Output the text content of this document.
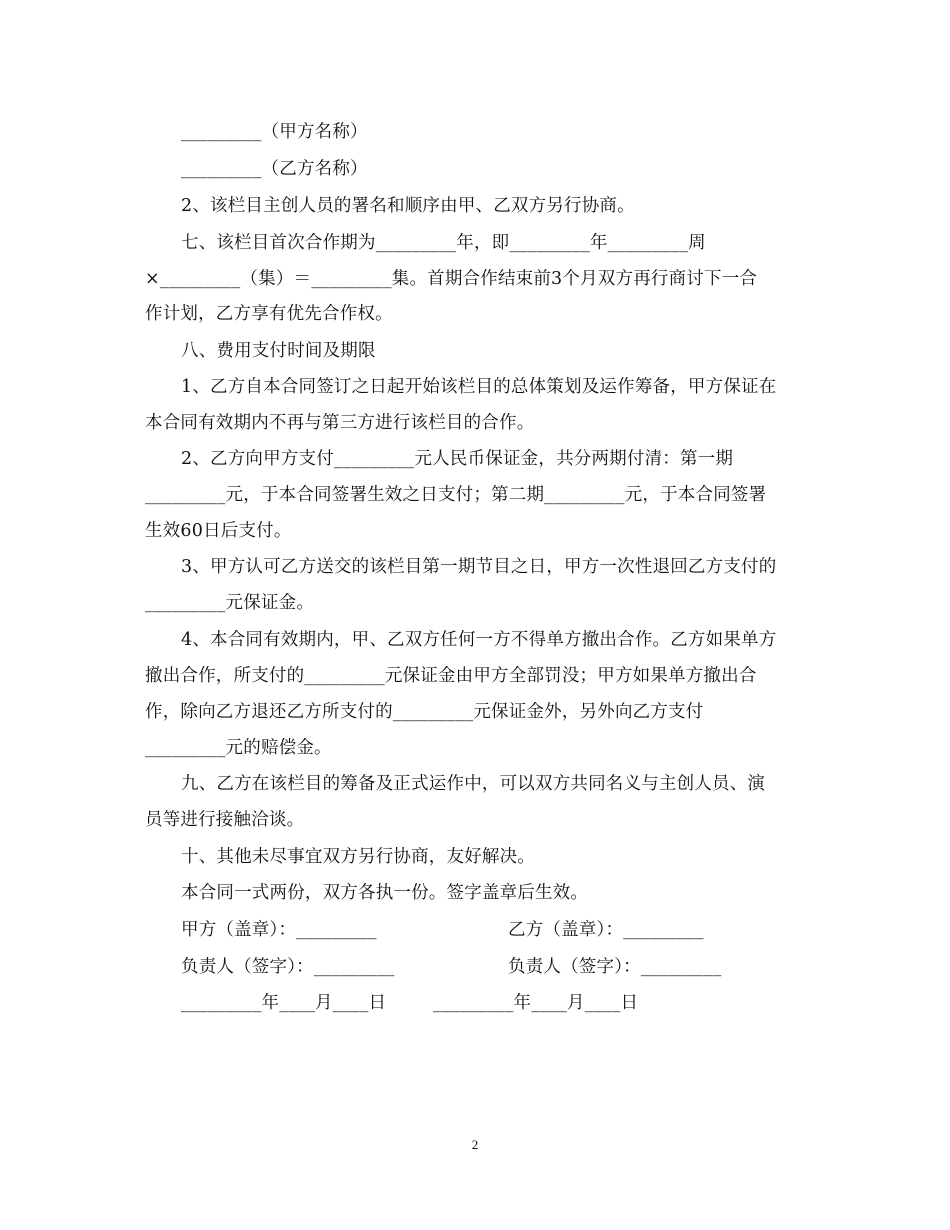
_________（甲方名称）
_________（乙方名称）
2、该栏目主创人员的署名和顺序由甲、乙双方另行协商。
七、该栏目首次合作期为_________年，即_________年_________周
×_________（集）＝_________集。首期合作结束前3个月双方再行商讨下一合
作计划，乙方享有优先合作权。
八、费用支付时间及期限
1、乙方自本合同签订之日起开始该栏目的总体策划及运作筹备，甲方保证在
本合同有效期内不再与第三方进行该栏目的合作。
2、乙方向甲方支付_________元人民币保证金，共分两期付清：第一期
_________元，于本合同签署生效之日支付；第二期_________元，于本合同签署
生效60日后支付。
3、甲方认可乙方送交的该栏目第一期节目之日，甲方一次性退回乙方支付的
_________元保证金。
4、本合同有效期内，甲、乙双方任何一方不得单方撤出合作。乙方如果单方
撤出合作，所支付的_________元保证金由甲方全部罚没；甲方如果单方撤出合
作，除向乙方退还乙方所支付的_________元保证金外，另外向乙方支付
_________元的赔偿金。
九、乙方在该栏目的筹备及正式运作中，可以双方共同名义与主创人员、演
员等进行接触洽谈。
十、其他未尽事宜双方另行协商，友好解决。
本合同一式两份，双方各执一份。签字盖章后生效。
甲方（盖章）：_________	乙方（盖章）：_________
负责人（签字）：_________	负责人（签字）：_________
_________年____月____日	_________年____月____日
2
